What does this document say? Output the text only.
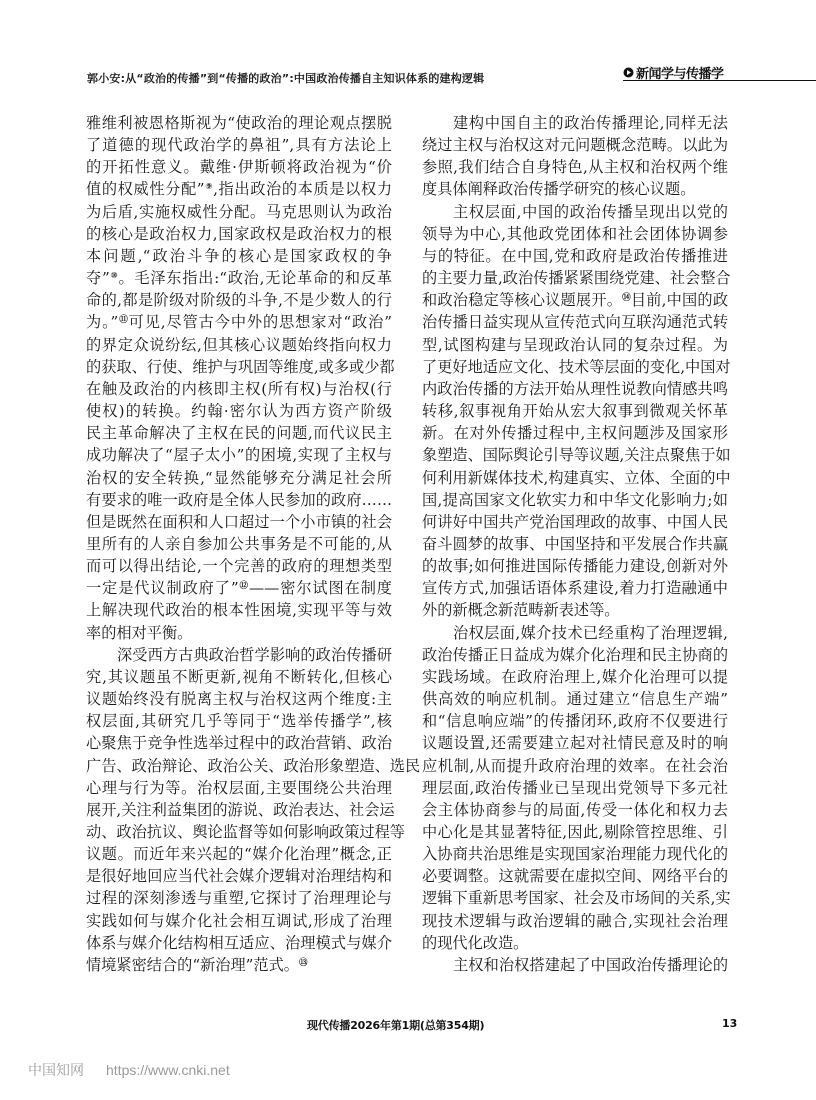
郭小安:从“政治的传播”到“传播的政治”:中国政治传播自主知识体系的建构逻辑	新闻学与传播学
雅维利被恩格斯视为“使政治的理论观点摆脱
了道德的现代政治学的鼻祖”,具有方法论上
的开拓性意义。戴维·伊斯顿将政治视为“价
值的权威性分配”⑨,指出政治的本质是以权力
为后盾,实施权威性分配。马克思则认为政治
的核心是政治权力,国家政权是政治权力的根
本问题,“政治斗争的核心是国家政权的争
夺”⑩。毛泽东指出:“政治,无论革命的和反革
命的,都是阶级对阶级的斗争,不是少数人的行
为。”⑪可见,尽管古今中外的思想家对“政治”
的界定众说纷纭,但其核心议题始终指向权力
的获取、行使、维护与巩固等维度,或多或少都
在触及政治的内核即主权(所有权)与治权(行
使权)的转换。约翰·密尔认为西方资产阶级
民主革命解决了主权在民的问题,而代议民主
成功解决了“屋子太小”的困境,实现了主权与
治权的安全转换,“显然能够充分满足社会所
有要求的唯一政府是全体人民参加的政府……
但是既然在面积和人口超过一个小市镇的社会
里所有的人亲自参加公共事务是不可能的,从
而可以得出结论,一个完善的政府的理想类型
一定是代议制政府了”⑫——密尔试图在制度
上解决现代政治的根本性困境,实现平等与效
率的相对平衡。
深受西方古典政治哲学影响的政治传播研
究,其议题虽不断更新,视角不断转化,但核心
议题始终没有脱离主权与治权这两个维度:主
权层面,其研究几乎等同于“选举传播学”,核
心聚焦于竞争性选举过程中的政治营销、政治
广告、政治辩论、政治公关、政治形象塑造、选民
心理与行为等。治权层面,主要围绕公共治理
展开,关注利益集团的游说、政治表达、社会运
动、政治抗议、舆论监督等如何影响政策过程等
议题。而近年来兴起的“媒介化治理”概念,正
是很好地回应当代社会媒介逻辑对治理结构和
过程的深刻渗透与重塑,它探讨了治理理论与
实践如何与媒介化社会相互调试,形成了治理
体系与媒介化结构相互适应、治理模式与媒介
情境紧密结合的“新治理”范式。⑬
建构中国自主的政治传播理论,同样无法
绕过主权与治权这对元问题概念范畴。以此为
参照,我们结合自身特色,从主权和治权两个维
度具体阐释政治传播学研究的核心议题。
主权层面,中国的政治传播呈现出以党的
领导为中心,其他政党团体和社会团体协调参
与的特征。在中国,党和政府是政治传播推进
的主要力量,政治传播紧紧围绕党建、社会整合
和政治稳定等核心议题展开。⑭目前,中国的政
治传播日益实现从宣传范式向互联沟通范式转
型,试图构建与呈现政治认同的复杂过程。为
了更好地适应文化、技术等层面的变化,中国对
内政治传播的方法开始从理性说教向情感共鸣
转移,叙事视角开始从宏大叙事到微观关怀革
新。在对外传播过程中,主权问题涉及国家形
象塑造、国际舆论引导等议题,关注点聚焦于如
何利用新媒体技术,构建真实、立体、全面的中
国,提高国家文化软实力和中华文化影响力;如
何讲好中国共产党治国理政的故事、中国人民
奋斗圆梦的故事、中国坚持和平发展合作共赢
的故事;如何推进国际传播能力建设,创新对外
宣传方式,加强话语体系建设,着力打造融通中
外的新概念新范畴新表述等。
治权层面,媒介技术已经重构了治理逻辑,
政治传播正日益成为媒介化治理和民主协商的
实践场域。在政府治理上,媒介化治理可以提
供高效的响应机制。通过建立“信息生产端”
和“信息响应端”的传播闭环,政府不仅要进行
议题设置,还需要建立起对社情民意及时的响
应机制,从而提升政府治理的效率。在社会治
理层面,政治传播业已呈现出党领导下多元社
会主体协商参与的局面,传受一体化和权力去
中心化是其显著特征,因此,剔除管控思维、引
入协商共治思维是实现国家治理能力现代化的
必要调整。这就需要在虚拟空间、网络平台的
逻辑下重新思考国家、社会及市场间的关系,实
现技术逻辑与政治逻辑的融合,实现社会治理
的现代化改造。
主权和治权搭建起了中国政治传播理论的
现代传播2026年第1期(总第354期)	13
中国知网 https://www.cnki.net
